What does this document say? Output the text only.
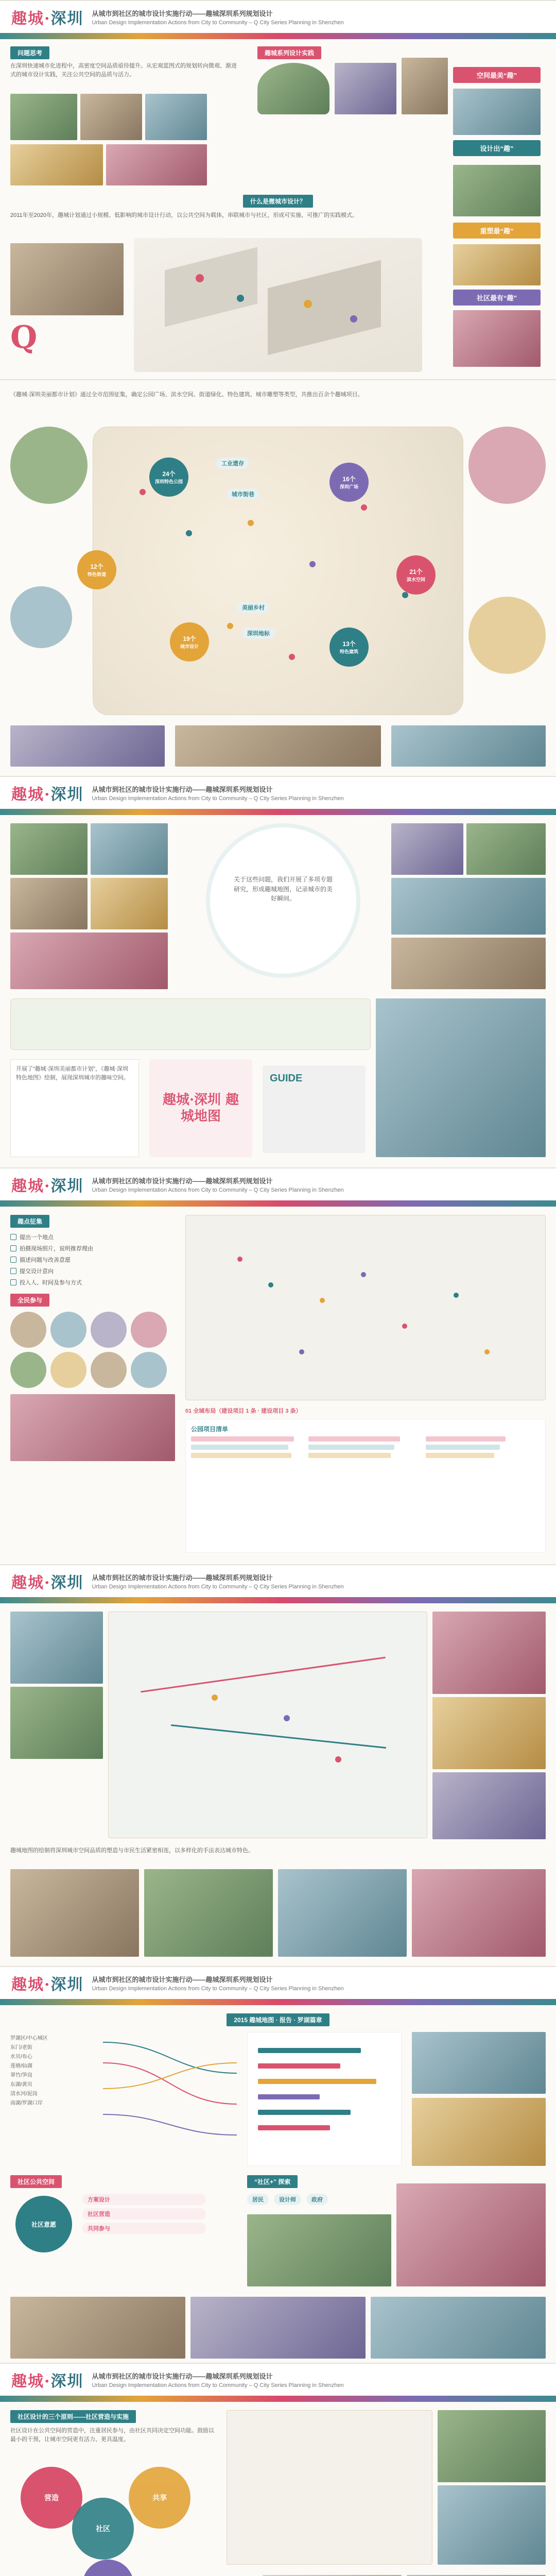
趣城·深圳 从城市到社区的城市设计实施行动——趣城深圳系列规划设计
Urban Design Implementation Actions from City to Community – Q City Series Planning in Shenzhen
问题思考	趣城系列设计实践

在深圳快速城市化进程中，高密度空间品质亟待提升。从宏观蓝图式的规划转向微观、渐进式的城市设计实践，关注公共空间的品质与活力。

什么是微城市设计？

2011年至2020年，趣城计划通过小规模、低影响的城市设计行动，以公共空间为载体，串联城市与社区，形成可实施、可推广的实践模式。

Q
空间最美“趣”
设计出“趣”
重塑最“趣”
社区最有“趣”

《趣城·深圳美丽都市计划》通过全市范围征集，确定公园广场、滨水空间、街道绿化、特色建筑、城市雕塑等类型，共推出百余个趣城项目。

工业遗存
城市街巷
美丽乡村
深圳地标
24个
深圳特色公园	16个
深圳广场
12个
特色街道	21个
滨水空间
19个
城市设计	13个
特色建筑
趣城·深圳 从城市到社区的城市设计实施行动——趣城深圳系列规划设计
Urban Design Implementation Actions from City to Community – Q City Series Planning in Shenzhen

关于这些问题，我们开展了多项专题研究，形成趣城地图，记录城市的美好瞬间。

开展了“趣城·深圳美丽都市计划”，《趣城·深圳特色地图》绘制，展现深圳城市的趣味空间。

趣城·深圳 趣城地图
GUIDE
趣城·深圳 从城市到社区的城市设计实施行动——趣城深圳系列规划设计
Urban Design Implementation Actions from City to Community – Q City Series Planning in Shenzhen
趣点征集
提出一个地点
拍摄现场照片，说明推荐理由
描述问题与改善意愿
提交设计意向
投入人、时间及参与方式
全民参与
01 全域布局（建设项目 1 条 · 建设项目 3 条）
公园项目清单
趣城·深圳 从城市到社区的城市设计实施行动——趣城深圳系列规划设计
Urban Design Implementation Actions from City to Community – Q City Series Planning in Shenzhen

趣城地图的绘制将深圳城市空间品质的塑造与市民生活紧密相连，以多样化的手法表达城市特色。

趣城·深圳 从城市到社区的城市设计实施行动——趣城深圳系列规划设计
Urban Design Implementation Actions from City to Community – Q City Series Planning in Shenzhen
2015 趣城地图 · 报告 · 罗湖篇章
罗湖区/中心城区
东门/老街
水贝/布心
莲塘/仙湖
翠竹/笋岗
东湖/黄贝
清水河/泥岗
南湖/罗湖口岸
社区公共空间
社区意愿
方案设计
社区营造
共同参与
“社区+” 探索
居民	设计师	政府
趣城·深圳 从城市到社区的城市设计实施行动——趣城深圳系列规划设计
Urban Design Implementation Actions from City to Community – Q City Series Planning in Shenzhen
社区设计的三个原则——社区营造与实施

社区设计在公共空间的营造中，注重居民参与，由社区共同决定空间功能。鼓励以最小的干预，让城市空间更有活力、更具温度。

营造
社区
共享
